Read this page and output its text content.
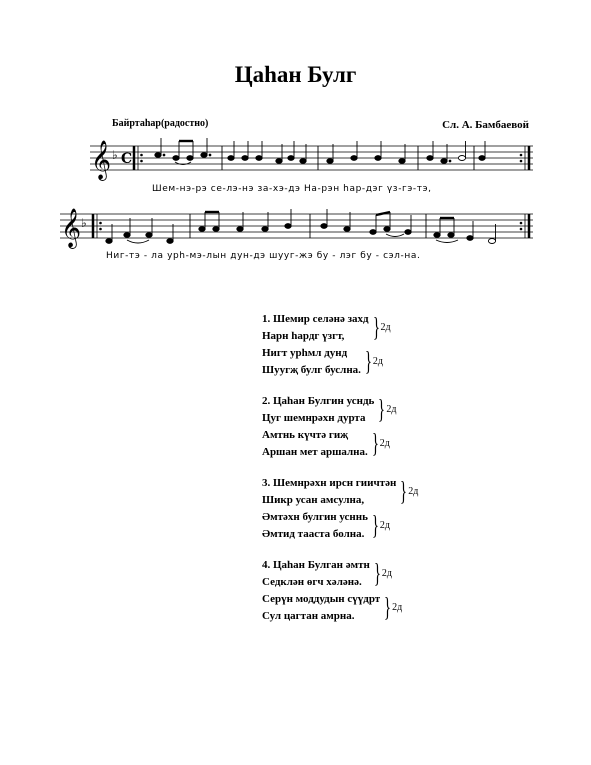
Цаһан Булг
Байртаһар(радостно)	Сл. А. Бамбаевой
𝄞 ♭ C
Шем-нэ-рэ се-лэ-нэ за-хэ-дэ На-рэн hар-дэг үз-гэ-тэ,
𝄞 ♭
Ниг-тэ - ла урһ-мэ-лын дун-дэ шууг-жэ бу - лэг бу - сэл-на.
1.
Шемир селәнә захд
Нарн һардг үзгт, } 2д
Нигт урһмл дунд
Шуугҗ булг буслна. } 2д
2.
Цаһан Булгин усндь
Цуг шемнрәхн дурта } 2д
Амтнь күчтә гиҗ
Аршан мет аршална. } 2д
3.
Шемнрәхн ирсн гиичтән
Шикр усан амсулна, } 2д
Әмтәхн булгин усннь
Әмтид тааста болна. } 2д
4.
Цаһан Булган әмтн
Седклән өгч хәләнә. } 2д
Серүн моддудын сүүдрт
Сул цагтан амрна. } 2д
